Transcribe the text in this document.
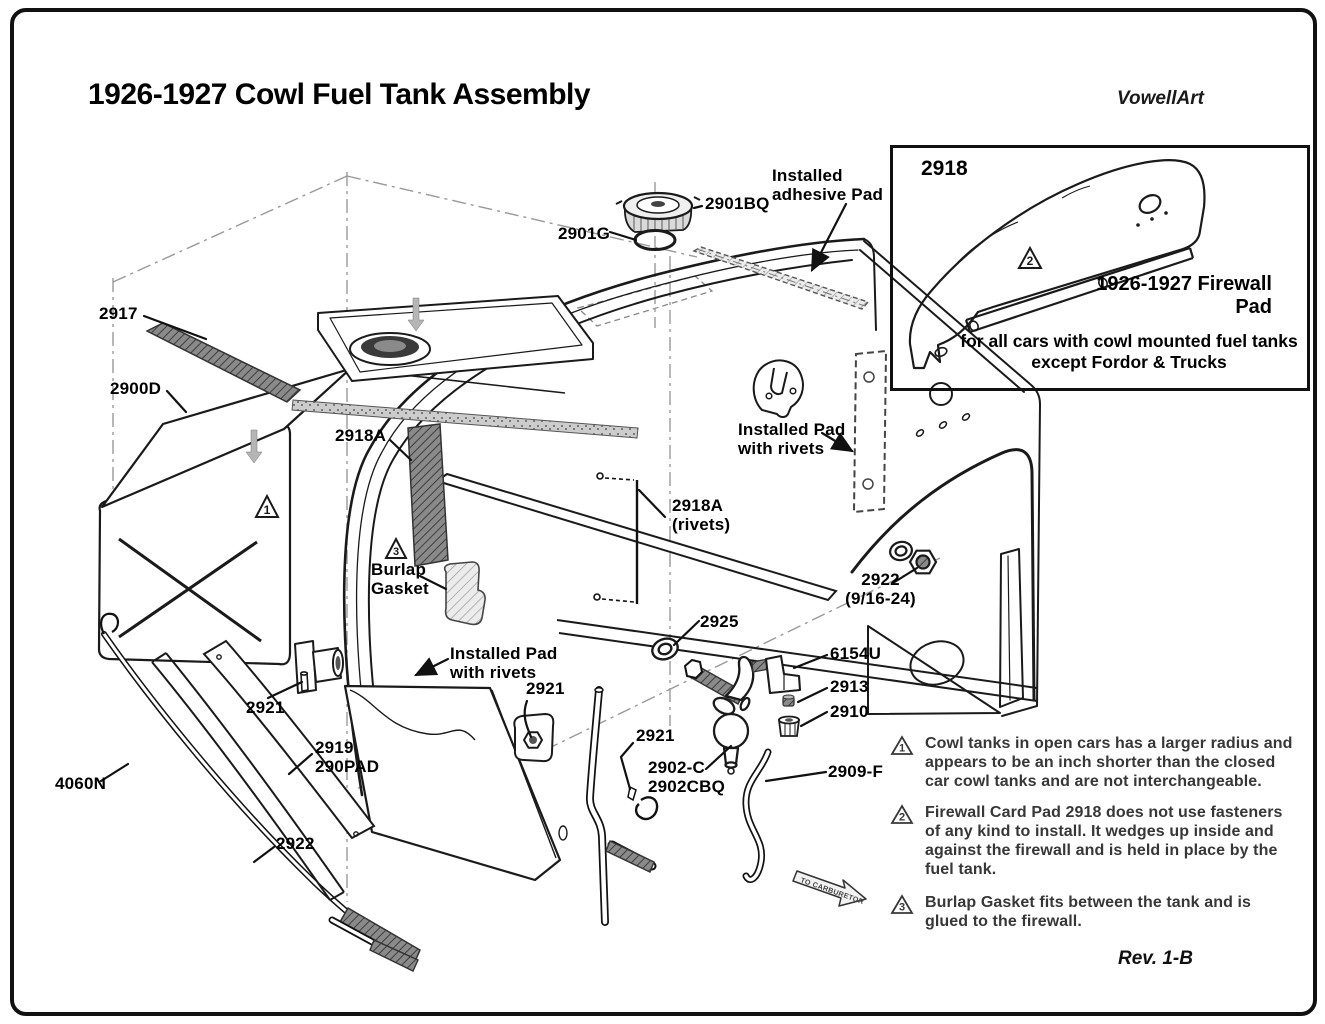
TO CARBURETOR
1
3
2
1926-1927 Cowl Fuel Tank Assembly	VowellArt
2918
1926-1927 Firewall Pad
for all cars with cowl mounted fuel tanks except Fordor & Trucks
2917
2900D
2918A
2901G
2901BQ
Installed
adhesive Pad
Installed Pad
with rivets
2918A
(rivets)
2922
(9/16-24)
2925
6154U
2913
2910
2909-F
2902-C
2902CBQ
2921
2921
2921
2919
290PAD
4060N
2922
Burlap
Gasket
Installed Pad
with rivets
1 Cowl tanks in open cars has a larger radius and
appears to be an inch shorter than the closed
car cowl tanks and are not interchangeable.
2 Firewall Card Pad 2918 does not use fasteners
of any kind to install. It wedges up inside and
against the firewall and is held in place by the
fuel tank.
3 Burlap Gasket fits between the tank and is
glued to the firewall.
Rev. 1-B
